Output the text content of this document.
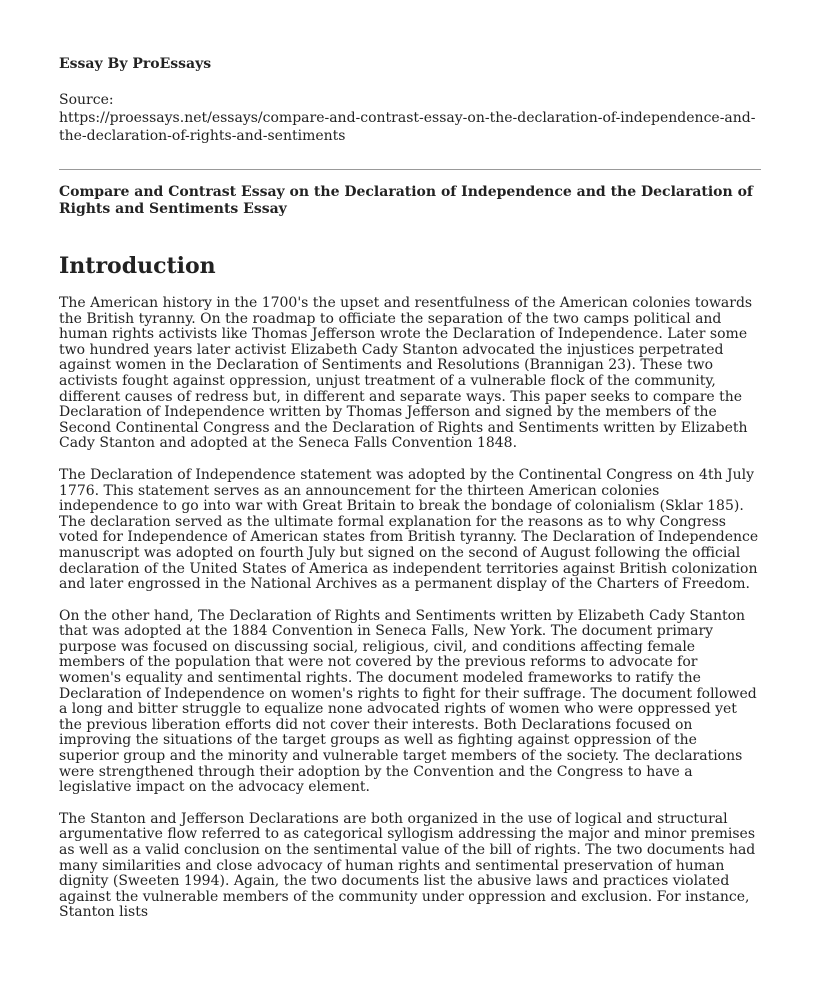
Essay By ProEssays

Source:
https://proessays.net/essays/compare-and-contrast-essay-on-the-declaration-of-independence-and-the-declaration-of-rights-and-sentiments

Compare and Contrast Essay on the Declaration of Independence and the Declaration of Rights and Sentiments Essay

Introduction

The American history in the 1700's the upset and resentfulness of the American colonies towards the British tyranny. On the roadmap to officiate the separation of the two camps political and human rights activists like Thomas Jefferson wrote the Declaration of Independence. Later some two hundred years later activist Elizabeth Cady Stanton advocated the injustices perpetrated against women in the Declaration of Sentiments and Resolutions (Brannigan 23). These two activists fought against oppression, unjust treatment of a vulnerable flock of the community, different causes of redress but, in different and separate ways. This paper seeks to compare the Declaration of Independence written by Thomas Jefferson and signed by the members of the Second Continental Congress and the Declaration of Rights and Sentiments written by Elizabeth Cady Stanton and adopted at the Seneca Falls Convention 1848.

The Declaration of Independence statement was adopted by the Continental Congress on 4th July 1776. This statement serves as an announcement for the thirteen American colonies independence to go into war with Great Britain to break the bondage of colonialism (Sklar 185). The declaration served as the ultimate formal explanation for the reasons as to why Congress voted for Independence of American states from British tyranny. The Declaration of Independence manuscript was adopted on fourth July but signed on the second of August following the official declaration of the United States of America as independent territories against British colonization and later engrossed in the National Archives as a permanent display of the Charters of Freedom.

On the other hand, The Declaration of Rights and Sentiments written by Elizabeth Cady Stanton that was adopted at the 1884 Convention in Seneca Falls, New York. The document primary purpose was focused on discussing social, religious, civil, and conditions affecting female members of the population that were not covered by the previous reforms to advocate for women's equality and sentimental rights. The document modeled frameworks to ratify the Declaration of Independence on women's rights to fight for their suffrage. The document followed a long and bitter struggle to equalize none advocated rights of women who were oppressed yet the previous liberation efforts did not cover their interests. Both Declarations focused on improving the situations of the target groups as well as fighting against oppression of the superior group and the minority and vulnerable target members of the society. The declarations were strengthened through their adoption by the Convention and the Congress to have a legislative impact on the advocacy element.

The Stanton and Jefferson Declarations are both organized in the use of logical and structural argumentative flow referred to as categorical syllogism addressing the major and minor premises as well as a valid conclusion on the sentimental value of the bill of rights. The two documents had many similarities and close advocacy of human rights and sentimental preservation of human dignity (Sweeten 1994). Again, the two documents list the abusive laws and practices violated against the vulnerable members of the community under oppression and exclusion. For instance, Stanton lists
